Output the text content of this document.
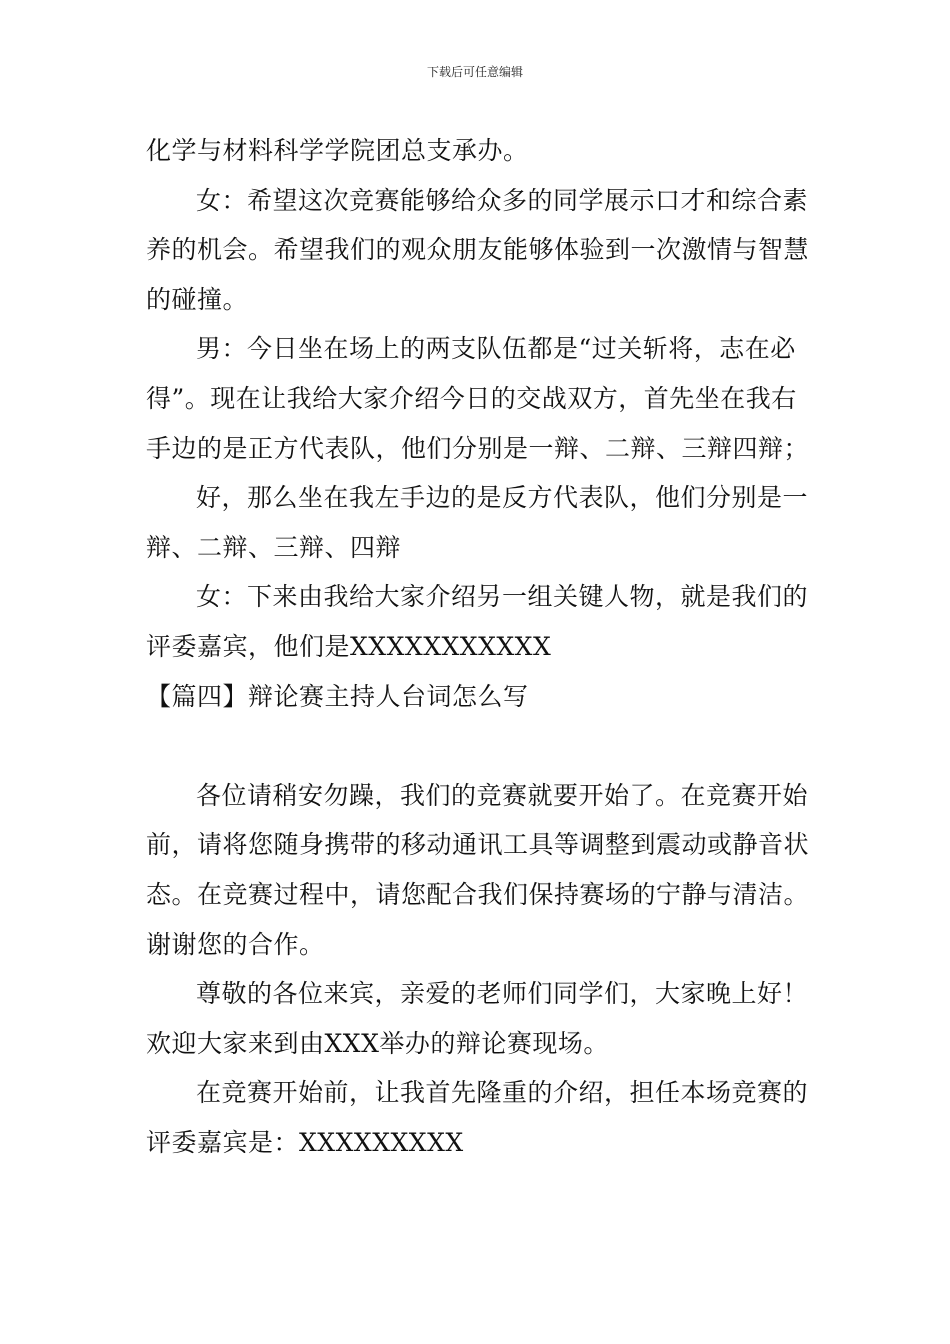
下载后可任意编辑

化学与材料科学学院团总支承办。

女：希望这次竞赛能够给众多的同学展示口才和综合素养的机会。希望我们的观众朋友能够体验到一次激情与智慧的碰撞。

男：今日坐在场上的两支队伍都是“过关斩将，志在必得”。现在让我给大家介绍今日的交战双方，首先坐在我右手边的是正方代表队，他们分别是一辩、二辩、三辩四辩；

好，那么坐在我左手边的是反方代表队，他们分别是一辩、二辩、三辩、四辩

女：下来由我给大家介绍另一组关键人物，就是我们的评委嘉宾，他们是XXXXXXXXXXX

【篇四】辩论赛主持人台词怎么写

各位请稍安勿躁，我们的竞赛就要开始了。在竞赛开始前，请将您随身携带的移动通讯工具等调整到震动或静音状态。在竞赛过程中，请您配合我们保持赛场的宁静与清洁。谢谢您的合作。

尊敬的各位来宾，亲爱的老师们同学们，大家晚上好！欢迎大家来到由XXX举办的辩论赛现场。

在竞赛开始前，让我首先隆重的介绍，担任本场竞赛的评委嘉宾是：XXXXXXXXX
